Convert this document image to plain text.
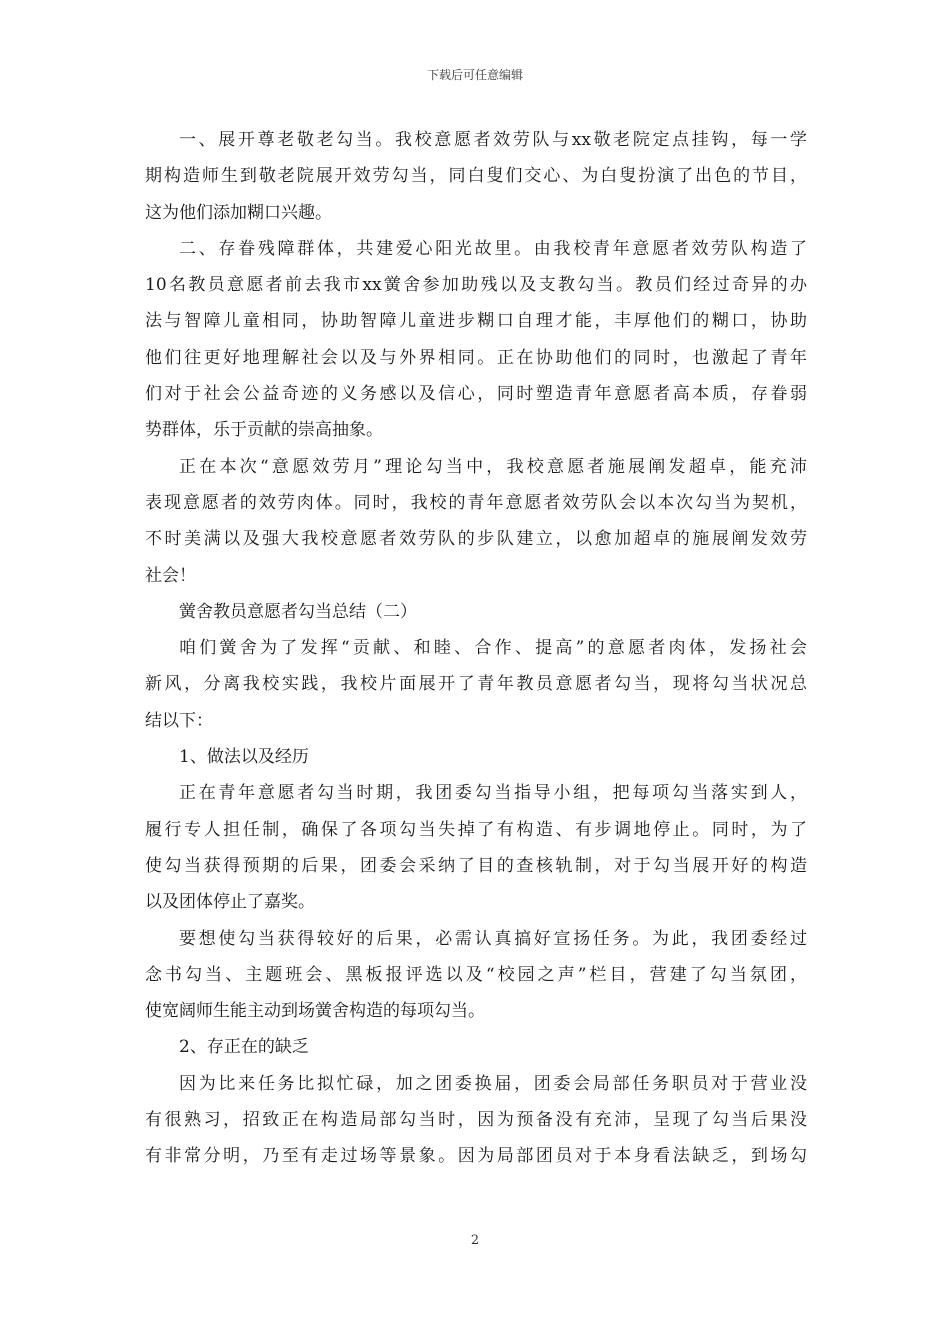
下载后可任意编辑
一、展开尊老敬老勾当。我校意愿者效劳队与xx敬老院定点挂钩，每一学
期构造师生到敬老院展开效劳勾当，同白叟们交心、为白叟扮演了出色的节目，
这为他们添加糊口兴趣。
二、存眷残障群体，共建爱心阳光故里。由我校青年意愿者效劳队构造了
10名教员意愿者前去我市xx黉舍参加助残以及支教勾当。教员们经过奇异的办
法与智障儿童相同，协助智障儿童进步糊口自理才能，丰厚他们的糊口，协助
他们往更好地理解社会以及与外界相同。正在协助他们的同时，也激起了青年
们对于社会公益奇迹的义务感以及信心，同时塑造青年意愿者高本质，存眷弱
势群体，乐于贡献的崇高抽象。
正在本次“意愿效劳月”理论勾当中，我校意愿者施展阐发超卓，能充沛
表现意愿者的效劳肉体。同时，我校的青年意愿者效劳队会以本次勾当为契机，
不时美满以及强大我校意愿者效劳队的步队建立，以愈加超卓的施展阐发效劳
社会！
黉舍教员意愿者勾当总结（二）
咱们黉舍为了发挥“贡献、和睦、合作、提高”的意愿者肉体，发扬社会
新风，分离我校实践，我校片面展开了青年教员意愿者勾当，现将勾当状况总
结以下：
1、做法以及经历
正在青年意愿者勾当时期，我团委勾当指导小组，把每项勾当落实到人，
履行专人担任制，确保了各项勾当失掉了有构造、有步调地停止。同时，为了
使勾当获得预期的后果，团委会采纳了目的查核轨制，对于勾当展开好的构造
以及团体停止了嘉奖。
要想使勾当获得较好的后果，必需认真搞好宣扬任务。为此，我团委经过
念书勾当、主题班会、黑板报评选以及“校园之声”栏目，营建了勾当氛团，
使宽阔师生能主动到场黉舍构造的每项勾当。
2、存正在的缺乏
因为比来任务比拟忙碌，加之团委换届，团委会局部任务职员对于营业没
有很熟习，招致正在构造局部勾当时，因为预备没有充沛，呈现了勾当后果没
有非常分明，乃至有走过场等景象。因为局部团员对于本身看法缺乏，到场勾
2
